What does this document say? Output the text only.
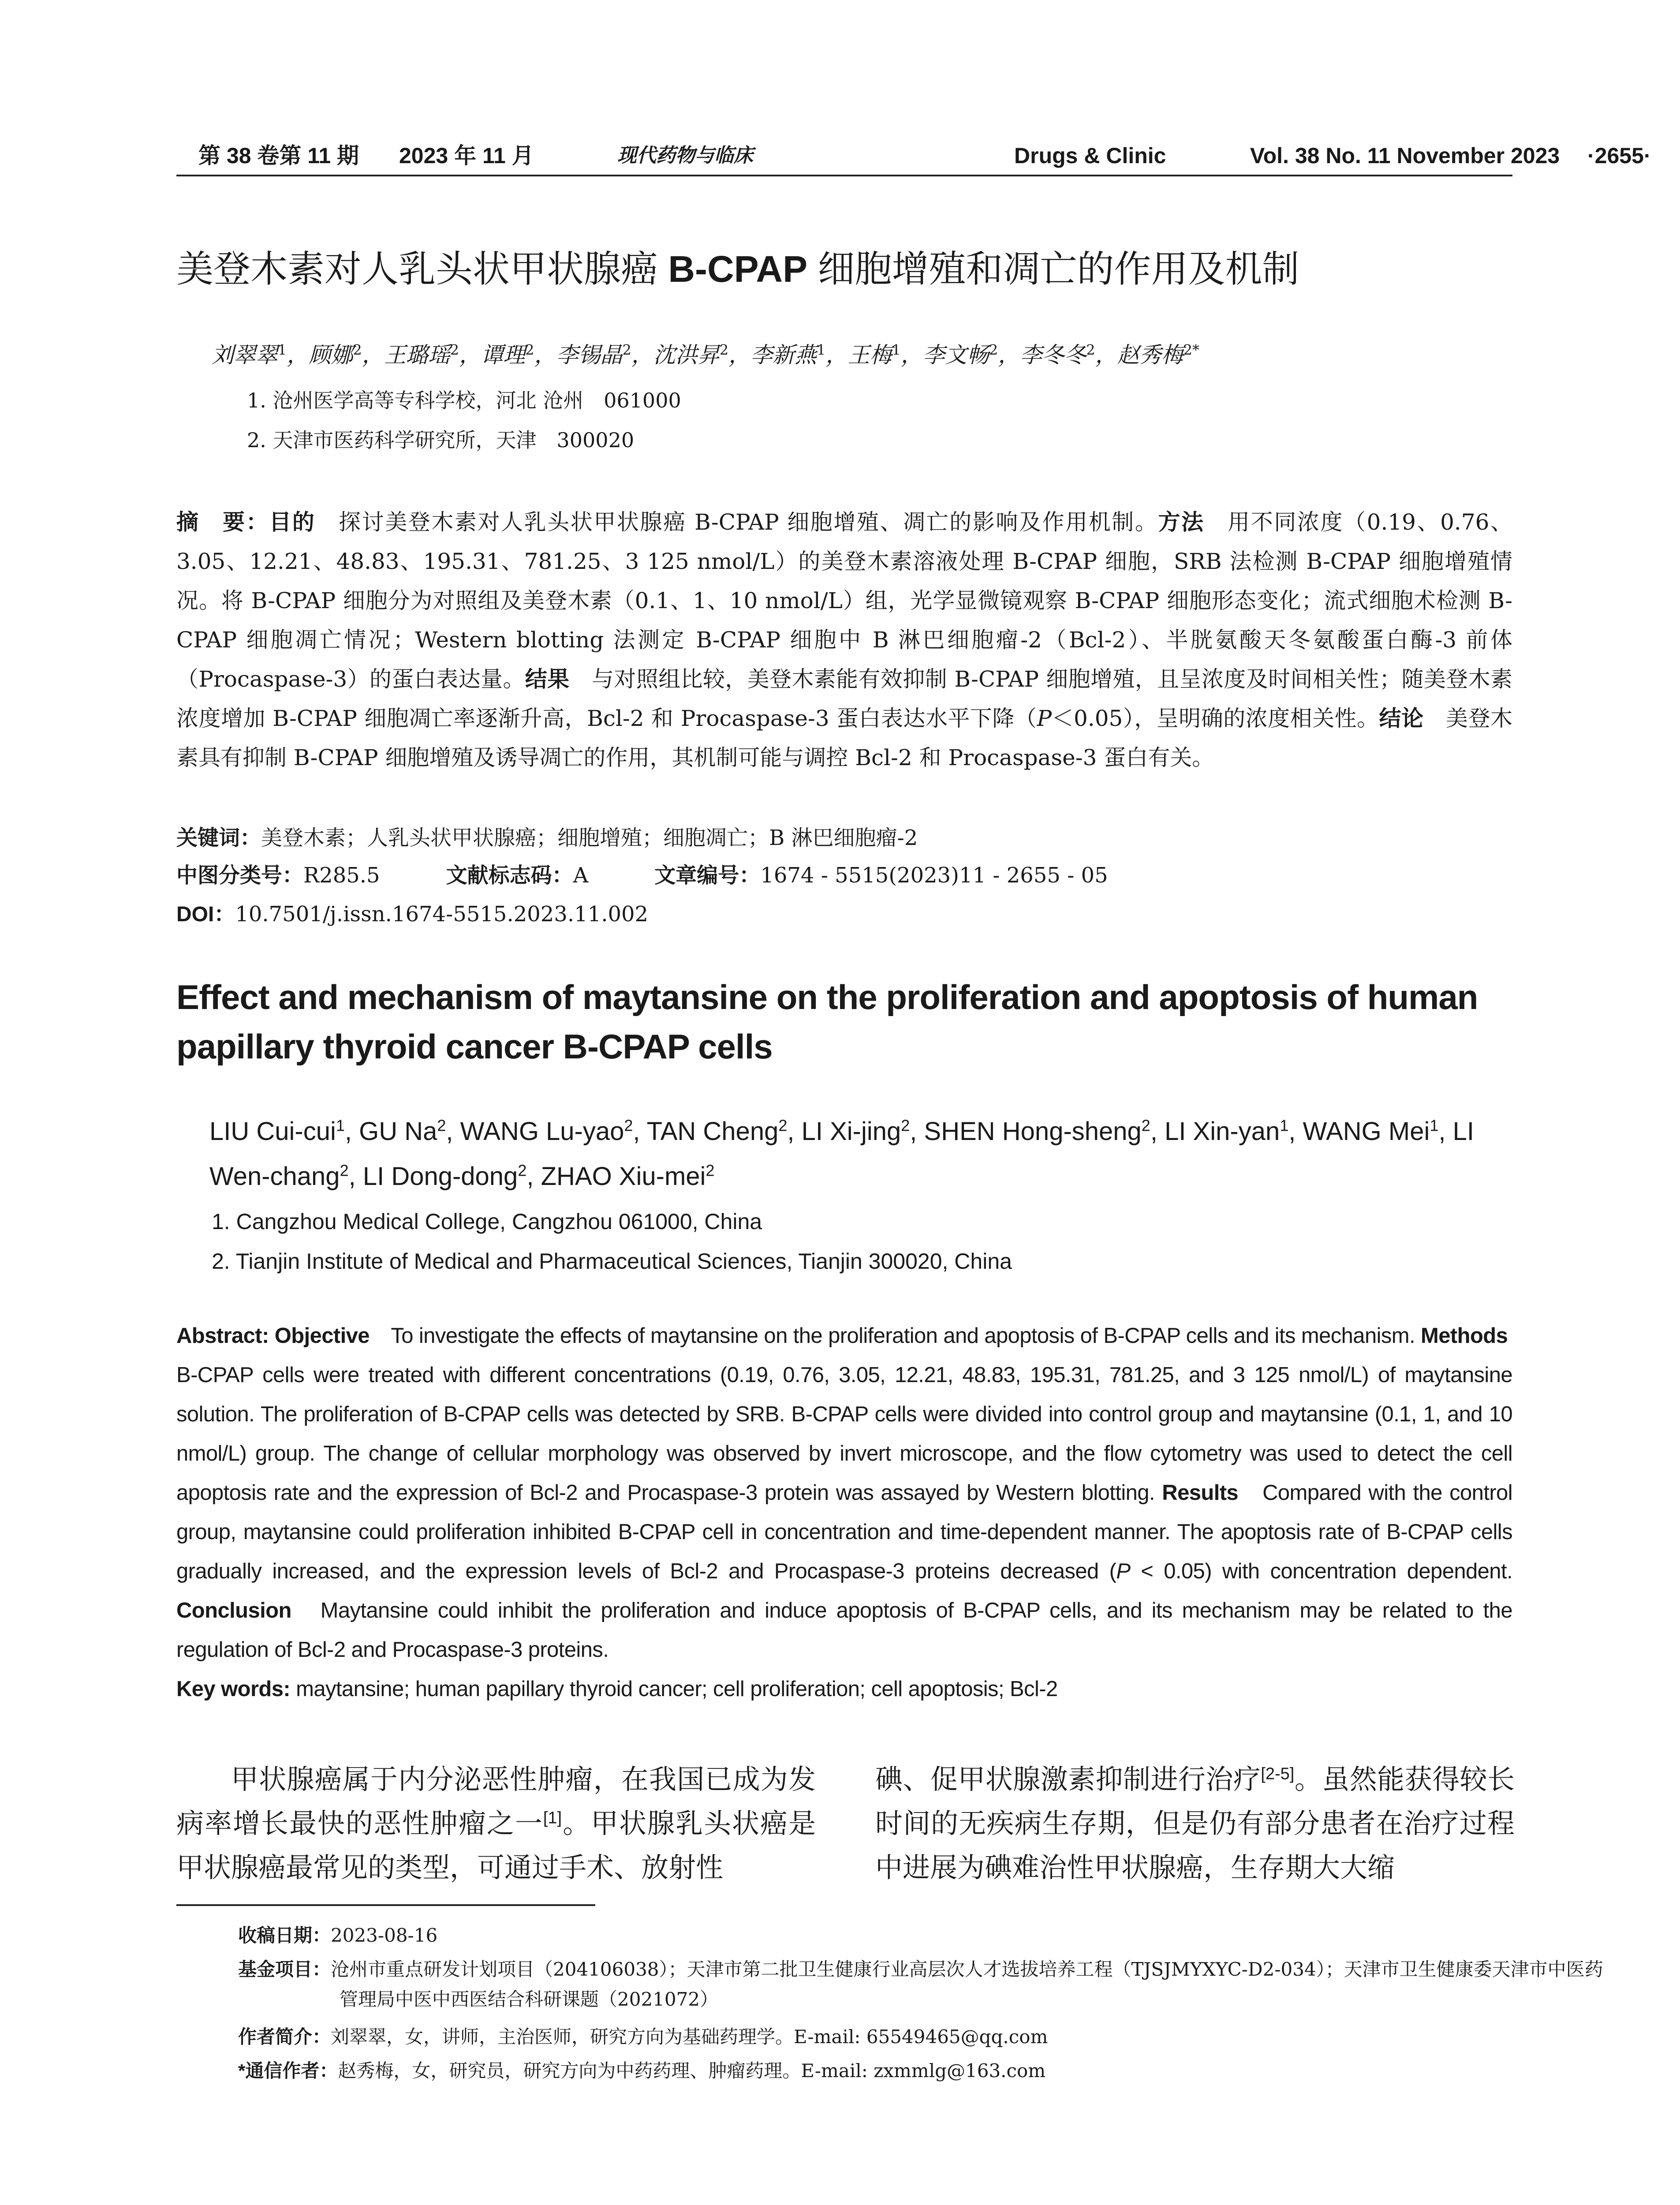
第 38 卷第 11 期 2023 年 11 月	现代药物与临床	Drugs & Clinic	Vol. 38 No. 11 November 2023 ·2655·
美登木素对人乳头状甲状腺癌 B-CPAP 细胞增殖和凋亡的作用及机制
刘翠翠$^1$，顾娜$^2$，王璐瑶$^2$，谭理$^2$，李锡晶$^2$，沈洪昇$^2$，李新燕$^1$，王梅$^1$，李文畅$^2$，李冬冬$^2$，赵秀梅$^{2*}$
1. 沧州医学高等专科学校，河北 沧州　061000
2. 天津市医药科学研究所，天津　300020
摘　要：目的　探讨美登木素对人乳头状甲状腺癌 B-CPAP 细胞增殖、凋亡的影响及作用机制。方法　用不同浓度（0.19、0.76、3.05、12.21、48.83、195.31、781.25、3 125 nmol/L）的美登木素溶液处理 B-CPAP 细胞，SRB 法检测 B-CPAP 细胞增殖情况。将 B-CPAP 细胞分为对照组及美登木素（0.1、1、10 nmol/L）组，光学显微镜观察 B-CPAP 细胞形态变化；流式细胞术检测 B-CPAP 细胞凋亡情况；Western blotting 法测定 B-CPAP 细胞中 B 淋巴细胞瘤-2（Bcl-2）、半胱氨酸天冬氨酸蛋白酶-3 前体（Procaspase-3）的蛋白表达量。结果　与对照组比较，美登木素能有效抑制 B-CPAP 细胞增殖，且呈浓度及时间相关性；随美登木素浓度增加 B-CPAP 细胞凋亡率逐渐升高，Bcl-2 和 Procaspase-3 蛋白表达水平下降（P＜0.05），呈明确的浓度相关性。结论　美登木素具有抑制 B-CPAP 细胞增殖及诱导凋亡的作用，其机制可能与调控 Bcl-2 和 Procaspase-3 蛋白有关。
关键词：美登木素；人乳头状甲状腺癌；细胞增殖；细胞凋亡；B 淋巴细胞瘤-2
中图分类号：R285.5	文献标志码：A	文章编号：1674 - 5515(2023)11 - 2655 - 05
DOI：10.7501/j.issn.1674-5515.2023.11.002
Effect and mechanism of maytansine on the proliferation and apoptosis of human papillary thyroid cancer B-CPAP cells
LIU Cui-cui$^1$, GU Na$^2$, WANG Lu-yao$^2$, TAN Cheng$^2$, LI Xi-jing$^2$, SHEN Hong-sheng$^2$, LI Xin-yan$^1$, WANG Mei$^1$, LI Wen-chang$^2$, LI Dong-dong$^2$, ZHAO Xiu-mei$^2$
1. Cangzhou Medical College, Cangzhou 061000, China
2. Tianjin Institute of Medical and Pharmaceutical Sciences, Tianjin 300020, China
Abstract: Objective　To investigate the effects of maytansine on the proliferation and apoptosis of B-CPAP cells and its mechanism. Methods　B-CPAP cells were treated with different concentrations (0.19, 0.76, 3.05, 12.21, 48.83, 195.31, 781.25, and 3 125 nmol/L) of maytansine solution. The proliferation of B-CPAP cells was detected by SRB. B-CPAP cells were divided into control group and maytansine (0.1, 1, and 10 nmol/L) group. The change of cellular morphology was observed by invert microscope, and the flow cytometry was used to detect the cell apoptosis rate and the expression of Bcl-2 and Procaspase-3 protein was assayed by Western blotting. Results　Compared with the control group, maytansine could proliferation inhibited B-CPAP cell in concentration and time-dependent manner. The apoptosis rate of B-CPAP cells gradually increased, and the expression levels of Bcl-2 and Procaspase-3 proteins decreased (P < 0.05) with concentration dependent. Conclusion　Maytansine could inhibit the proliferation and induce apoptosis of B-CPAP cells, and its mechanism may be related to the regulation of Bcl-2 and Procaspase-3 proteins.
Key words: maytansine; human papillary thyroid cancer; cell proliferation; cell apoptosis; Bcl-2
甲状腺癌属于内分泌恶性肿瘤，在我国已成为发病率增长最快的恶性肿瘤之一[1]。甲状腺乳头状癌是甲状腺癌最常见的类型，可通过手术、放射性
碘、促甲状腺激素抑制进行治疗[2-5]。虽然能获得较长时间的无疾病生存期，但是仍有部分患者在治疗过程中进展为碘难治性甲状腺癌，生存期大大缩
收稿日期：2023-08-16
基金项目：沧州市重点研发计划项目（204106038）；天津市第二批卫生健康行业高层次人才选拔培养工程（TJSJMYXYC-D2-034）；天津市卫生健康委天津市中医药管理局中医中西医结合科研课题（2021072）
作者简介：刘翠翠，女，讲师，主治医师，研究方向为基础药理学。E-mail: 65549465@qq.com
*通信作者：赵秀梅，女，研究员，研究方向为中药药理、肿瘤药理。E-mail: zxmmlg@163.com
